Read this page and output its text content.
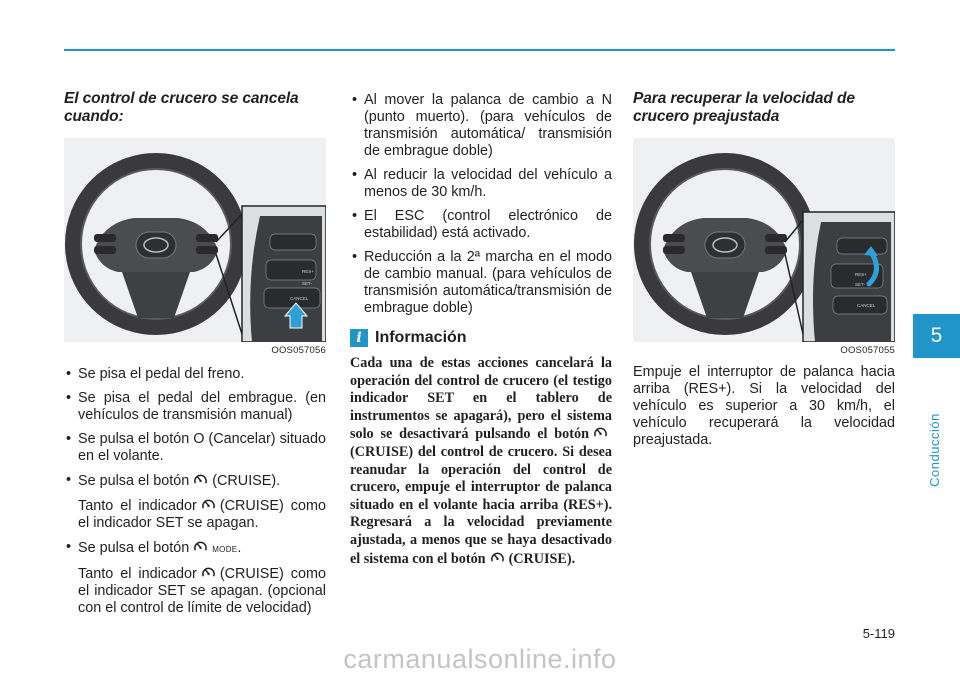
El control de crucero se cancela cuando:

RES+
SET-
CANCEL
OOS057056
• Se pisa el pedal del freno.
• Se pisa el pedal del embrague. (en vehículos de transmisión manual)
• Se pulsa el botón O (Cancelar) situado en el volante.
• Se pulsa el botón (CRUISE).
Tanto el indicador (CRUISE) como el indicador SET se apagan.
• Se pulsa el botón	MODE.
Tanto el indicador (CRUISE) como el indicador SET se apagan. (opcional con el control de límite de velocidad)
• Al mover la palanca de cambio a N (punto muerto). (para vehículos de transmisión automática/ transmisión de embrague doble)
• Al reducir la velocidad del vehículo a menos de 30 km/h.
• El ESC (control electrónico de estabilidad) está activado.
• Reducción a la 2ª marcha en el modo de cambio manual. (para vehículos de transmisión automática/transmisión de embrague doble)
i Información
Cada una de estas acciones cancelará la operación del control de crucero (el testigo indicador SET en el tablero de instrumentos se apagará), pero el sistema solo se desactivará pulsando el botón(CRUISE) del control de crucero. Si desea reanudar la operación del control de crucero, empuje el interruptor de palanca situado en el volante hacia arriba (RES+). Regresará a la velocidad previamente ajustada, a menos que se haya desactivado el sistema con el botón (CRUISE).

Para recuperar la velocidad de crucero preajustada

RES+
SET-
CANCEL
OOS057055

Empuje el interruptor de palanca hacia arriba (RES+). Si la velocidad del vehículo es superior a 30 km/h, el vehículo recuperará la velocidad preajustada.

5
Conducción
5-119
carmanualsonline.info
